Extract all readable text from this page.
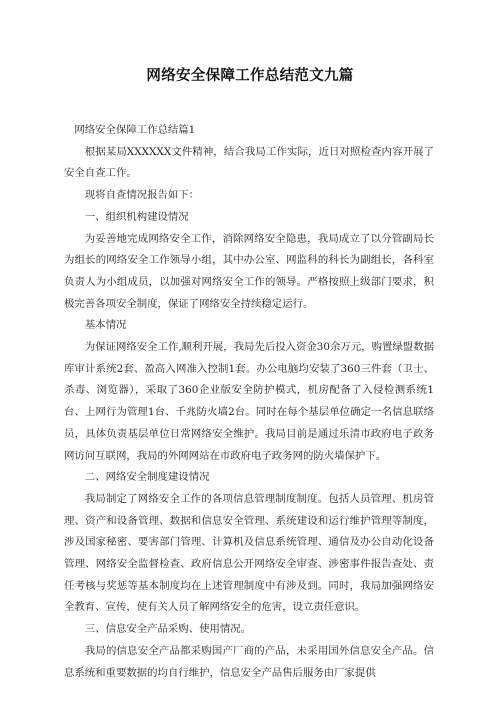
网络安全保障工作总结范文九篇

网络安全保障工作总结篇1

根据某局XXXXXX文件精神，结合我局工作实际，近日对照检查内容开展了安全自查工作。

现将自查情况报告如下：

一、组织机构建设情况

为妥善地完成网络安全工作，消除网络安全隐患，我局成立了以分管副局长为组长的网络安全工作领导小组，其中办公室、网监科的科长为副组长，各科室负责人为小组成员，以加强对网络安全工作的领导。严格按照上级部门要求，积极完善各项安全制度，保证了网络安全持续稳定运行。

基本情况

为保证网络安全工作,顺利开展，我局先后投入资金30余万元，购置绿盟数据库审计系统2套、盈高入网准入控制1套。办公电脑均安装了360三件套（卫士、杀毒、浏览器），采取了360企业版安全防护模式，机房配备了入侵检测系统1台、上网行为管理1台、千兆防火墙2台。同时在每个基层单位确定一名信息联络员，具体负责基层单位日常网络安全维护。我局目前是通过乐清市政府电子政务网访问互联网，我局的外网网站在市政府电子政务网的防火墙保护下。

二、网络安全制度建设情况

我局制定了网络安全工作的各项信息管理制度制度。包括人员管理、机房管理、资产和设备管理、数据和信息安全管理、系统建设和运行维护管理等制度，涉及国家秘密、要害部门管理、计算机及信息系统管理、通信及办公自动化设备管理、网络安全监督检查、政府信息公开网络安全审查、涉密事件报告查处、责任考核与奖惩等基本制度均在上述管理制度中有涉及到。同时，我局加强网络安全教育、宣传，使有关人员了解网络安全的危害，设立责任意识。

三、信息安全产品采购、使用情况。

我局的信息安全产品都采购国产厂商的产品，未采用国外信息安全产品。信息系统和重要数据的均自行维护，信息安全产品售后服务由厂家提供
